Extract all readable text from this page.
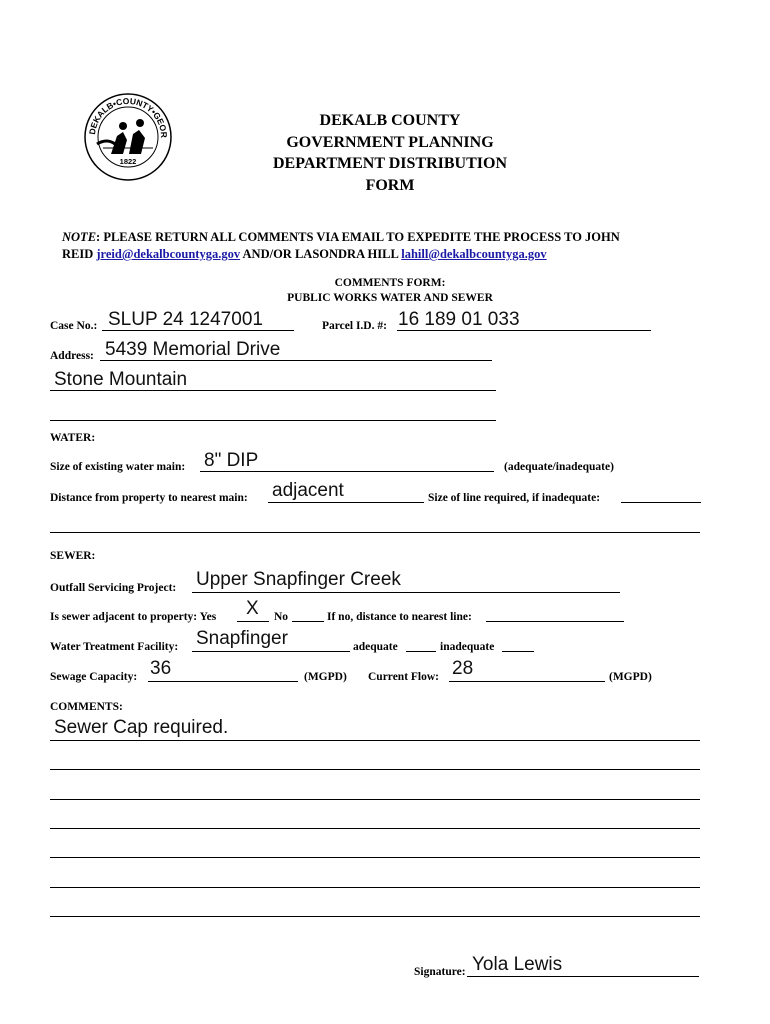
DEKALB•COUNTY•GEOR
1822
DEKALB COUNTY
GOVERNMENT PLANNING
DEPARTMENT DISTRIBUTION
FORM
NOTE: PLEASE RETURN ALL COMMENTS VIA EMAIL TO EXPEDITE THE PROCESS TO JOHN
REID jreid@dekalbcountyga.gov AND/OR LASONDRA HILL lahill@dekalbcountyga.gov
COMMENTS FORM:
PUBLIC WORKS WATER AND SEWER
Case No.: SLUP 24 1247001	Parcel I.D. #: 16 189 01 033
Address: 5439 Memorial Drive
Stone Mountain
WATER:
Size of existing water main: 8" DIP	(adequate/inadequate)
Distance from property to nearest main: adjacent	Size of line required, if inadequate:
SEWER:
Outfall Servicing Project: Upper Snapfinger Creek
Is sewer adjacent to property: Yes X No	If no, distance to nearest line:
Water Treatment Facility: Snapfinger	adequate	inadequate
Sewage Capacity: 36	(MGPD) Current Flow: 28	(MGPD)
COMMENTS:
Sewer Cap required.
Signature: Yola Lewis
